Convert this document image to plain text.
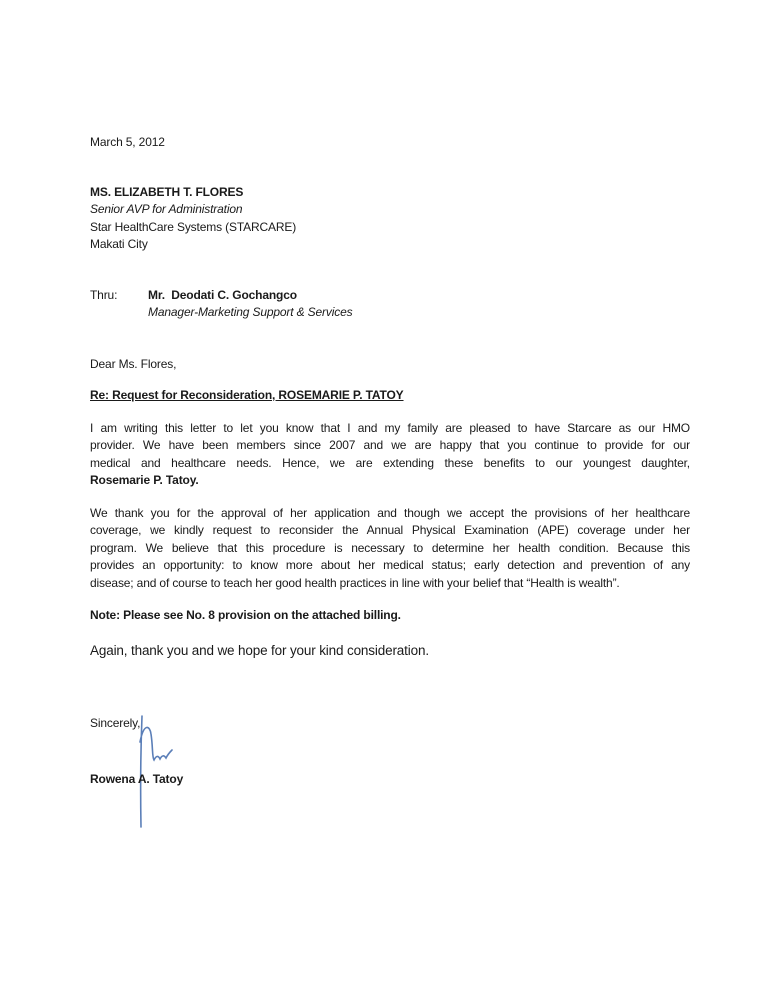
March 5, 2012
MS. ELIZABETH T. FLORES
Senior AVP for Administration
Star HealthCare Systems (STARCARE)
Makati City
Thru:	Mr.  Deodati C. Gochangco
Manager-Marketing Support & Services
Dear Ms. Flores,
Re: Request for Reconsideration, ROSEMARIE P. TATOY
I am writing this letter to let you know that I and my family are pleased to have Starcare as our HMO
provider. We have been members since 2007 and we are happy that you continue to provide for our
medical and healthcare needs. Hence, we are extending these benefits to our youngest daughter,
Rosemarie P. Tatoy.
We thank you for the approval of her application and though we accept the provisions of her healthcare
coverage, we kindly request to reconsider the Annual Physical Examination (APE) coverage under her
program. We believe that this procedure is necessary to determine her health condition. Because this
provides an opportunity: to know more about her medical status; early detection and prevention of any
disease; and of course to teach her good health practices in line with your belief that “Health is wealth”.
Note: Please see No. 8 provision on the attached billing.
Again, thank you and we hope for your kind consideration.
Sincerely,
Rowena A. Tatoy
